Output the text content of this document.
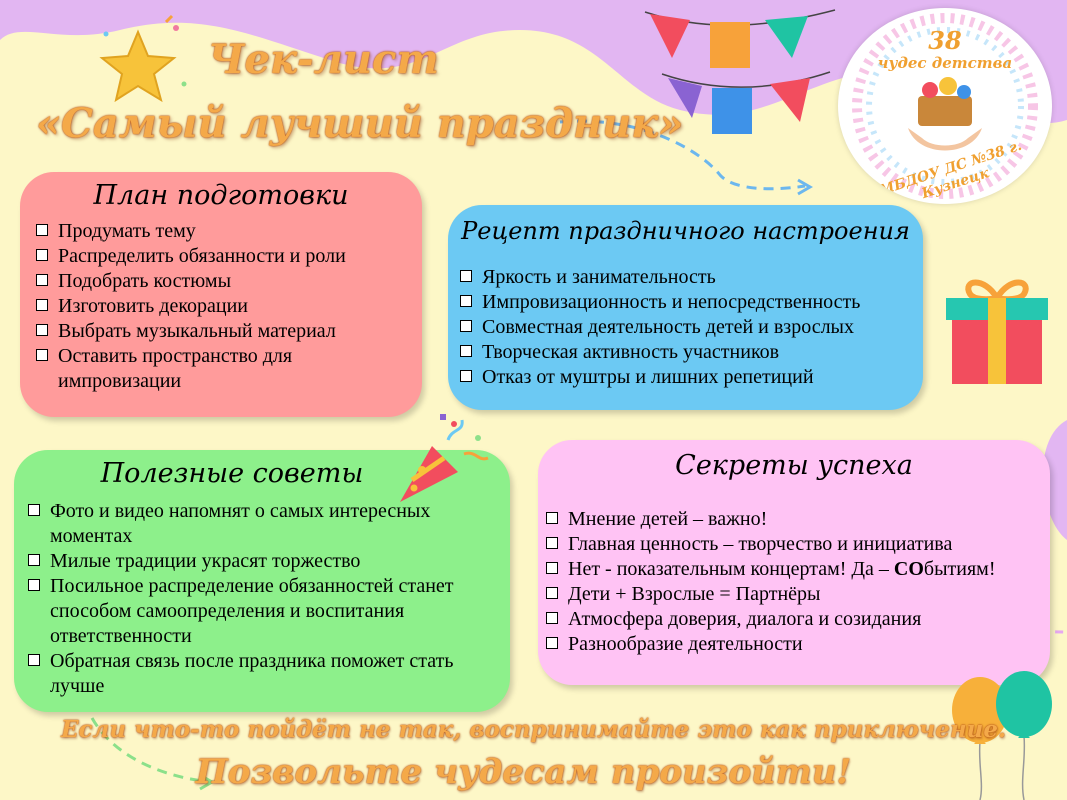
38
чудес детства
МБДОУ ДС №38 г. Кузнецк
Чек-лист
«Самый лучший праздник»
План подготовки
Продумать тему
Распределить обязанности и роли
Подобрать костюмы
Изготовить декорации
Выбрать музыкальный материал
Оставить пространство для импровизации
Рецепт праздничного настроения
Яркость и занимательность
Импровизационность и непосредственность
Совместная деятельность детей и взрослых
Творческая активность участников
Отказ от муштры и лишних репетиций
Полезные советы
Фото и видео напомнят о самых интересных моментах
Милые традиции украсят торжество
Посильное распределение обязанностей станет способом самоопределения и воспитания ответственности
Обратная связь после праздника поможет стать лучше
Секреты успеха
Мнение детей – важно!
Главная ценность – творчество и инициатива
Нет - показательным концертам! Да – СОбытиям!
Дети + Взрослые = Партнёры
Атмосфера доверия, диалога и созидания
Разнообразие деятельности
Если что-то пойдёт не так, воспринимайте это как приключение.
Позвольте чудесам произойти!
